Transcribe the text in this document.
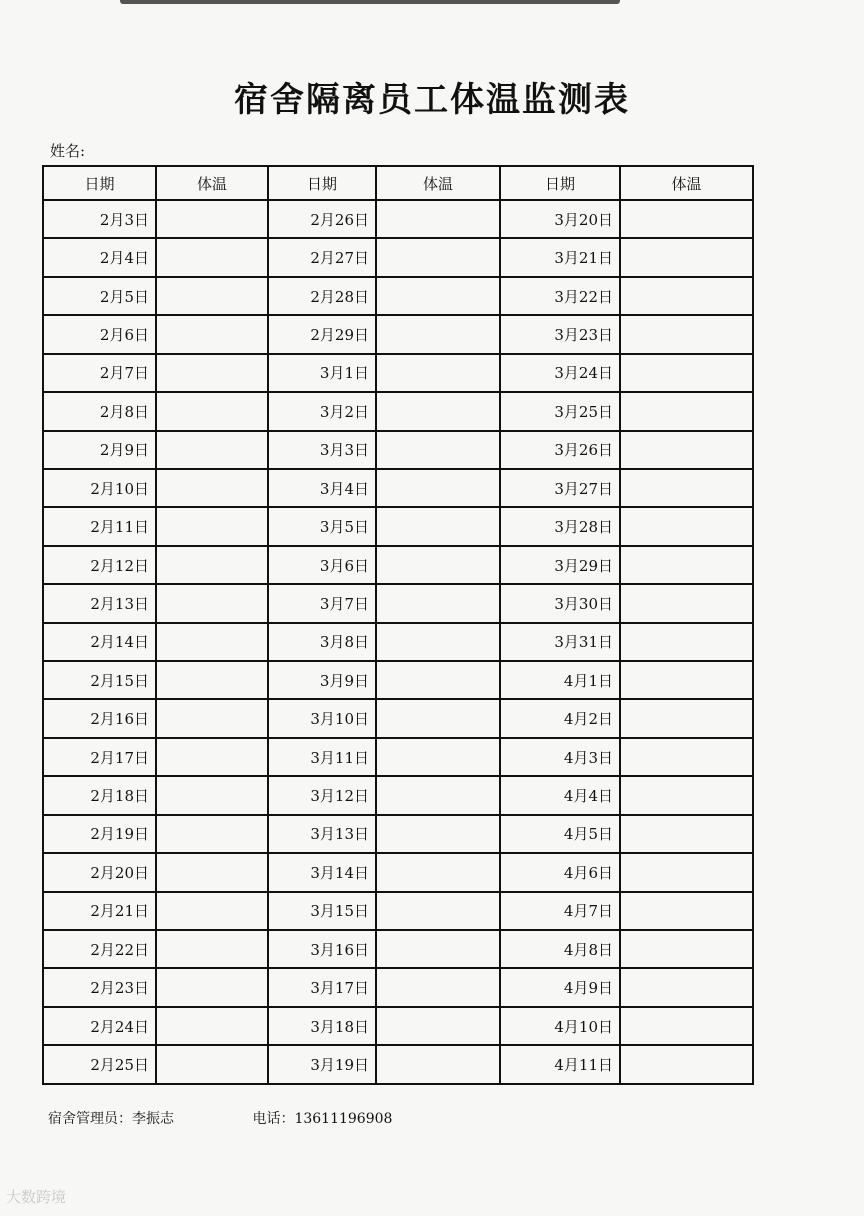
宿舍隔离员工体温监测表
姓名:
日期	体温	日期	体温	日期	体温
2月3日		2月26日		3月20日	
2月4日		2月27日		3月21日	
2月5日		2月28日		3月22日	
2月6日		2月29日		3月23日	
2月7日		3月1日		3月24日	
2月8日		3月2日		3月25日	
2月9日		3月3日		3月26日	
2月10日		3月4日		3月27日	
2月11日		3月5日		3月28日	
2月12日		3月6日		3月29日	
2月13日		3月7日		3月30日	
2月14日		3月8日		3月31日	
2月15日		3月9日		4月1日	
2月16日		3月10日		4月2日	
2月17日		3月11日		4月3日	
2月18日		3月12日		4月4日	
2月19日		3月13日		4月5日	
2月20日		3月14日		4月6日	
2月21日		3月15日		4月7日	
2月22日		3月16日		4月8日	
2月23日		3月17日		4月9日	
2月24日		3月18日		4月10日	
2月25日		3月19日		4月11日	
宿舍管理员：李振志	电话：13611196908
大数跨境
